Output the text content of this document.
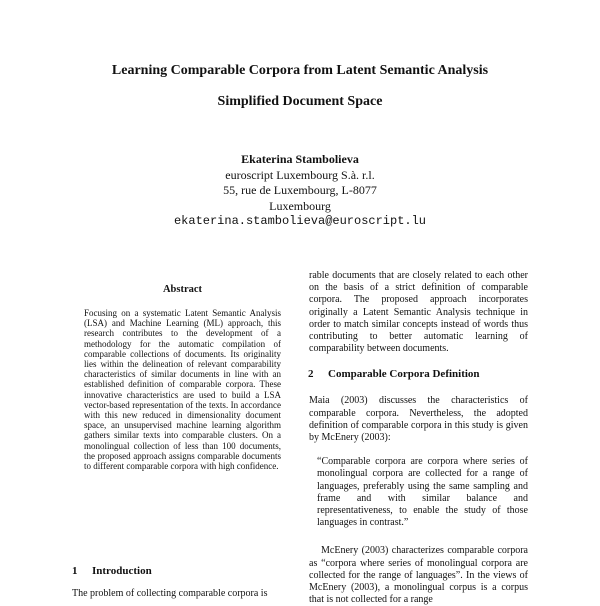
Learning Comparable Corpora from Latent Semantic Analysis
Simplified Document Space
Ekaterina Stambolieva
euroscript Luxembourg S.à. r.l.
55, rue de Luxembourg, L-8077
Luxembourg
ekaterina.stambolieva@euroscript.lu
Abstract

Focusing on a systematic Latent Semantic Analysis (LSA) and Machine Learning (ML) approach, this research contributes to the development of a methodology for the automatic compilation of comparable collections of documents. Its originality lies within the delineation of relevant comparability characteristics of similar documents in line with an established definition of comparable corpora. These innovative characteristics are used to build a LSA vector-based representation of the texts. In accordance with this new reduced in dimensionality document space, an unsupervised machine learning algorithm gathers similar texts into comparable clusters. On a monolingual collection of less than 100 documents, the proposed approach assigns comparable documents to different comparable corpora with high confidence.

1 Introduction
The problem of collecting comparable corpora is

rable documents that are closely related to each other on the basis of a strict definition of comparable corpora. The proposed approach incorporates originally a Latent Semantic Analysis technique in order to match similar concepts instead of words thus contributing to better automatic learning of comparability between documents.

2 Comparable Corpora Definition

Maia (2003) discusses the characteristics of comparable corpora. Nevertheless, the adopted definition of comparable corpora in this study is given by McEnery (2003):

“Comparable corpora are corpora where series of monolingual corpora are collected for a range of languages, preferably using the same sampling and frame and with similar balance and representativeness, to enable the study of those languages in contrast.”

McEnery (2003) characterizes comparable corpora as “corpora where series of monolingual corpora are collected for the range of languages”. In the views of McEnery (2003), a monolingual corpus is a corpus that is not collected for a range
